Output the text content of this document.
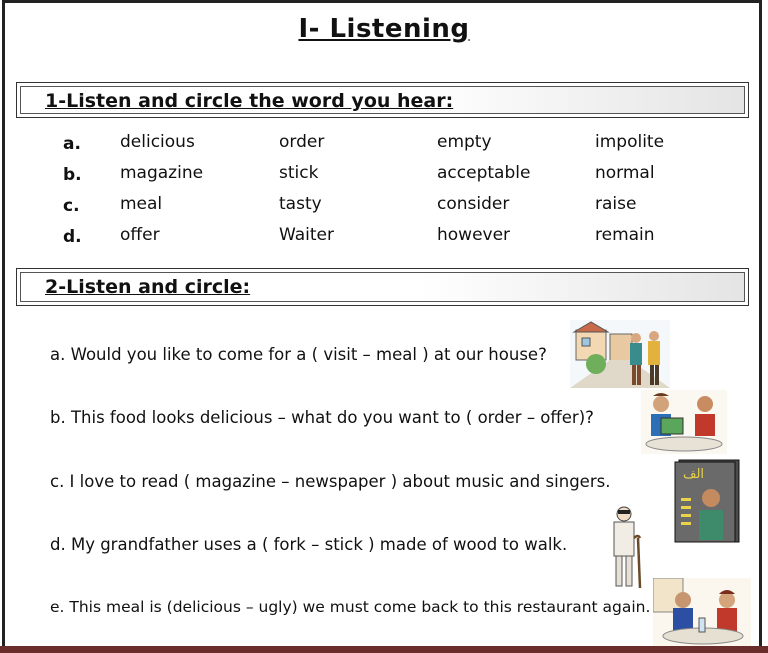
I- Listening
1-Listen and circle the word you hear:
a. delicious	order	empty	impolite
b. magazine	stick	acceptable	normal
c. meal	tasty	consider	raise
d. offer	Waiter	however	remain
2-Listen and circle:
a. Would you like to come for a ( visit – meal ) at our house?
b. This food looks delicious – what do you want to ( order – offer)?
c. I love to read ( magazine – newspaper ) about music and singers.
d. My grandfather uses a ( fork – stick ) made of wood to walk.
e. This meal is (delicious – ugly) we must come back to this restaurant again.
الف
